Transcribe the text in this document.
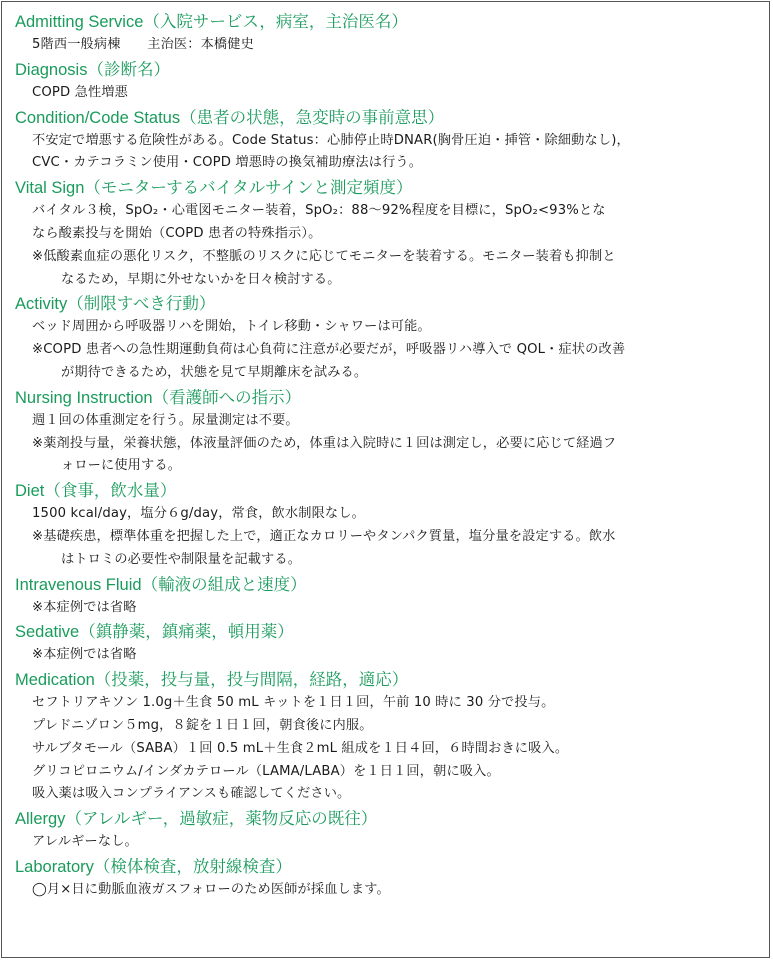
Admitting Service（入院サービス，病室，主治医名）
5階西一般病棟　　主治医：本橋健史
Diagnosis（診断名）
COPD 急性増悪
Condition/Code Status（患者の状態，急変時の事前意思）
不安定で増悪する危険性がある。Code Status：心肺停止時DNAR(胸骨圧迫・挿管・除細動なし)，
CVC・カテコラミン使用・COPD 増悪時の換気補助療法は行う。
Vital Sign（モニターするバイタルサインと測定頻度）
バイタル３検，SpO₂・心電図モニター装着，SpO₂：88～92%程度を目標に，SpO₂<93%とな
なら酸素投与を開始（COPD 患者の特殊指示）。
※低酸素血症の悪化リスク，不整脈のリスクに応じてモニターを装着する。モニター装着も抑制と
なるため，早期に外せないかを日々検討する。
Activity（制限すべき行動）
ベッド周囲から呼吸器リハを開始，トイレ移動・シャワーは可能。
※COPD 患者への急性期運動負荷は心負荷に注意が必要だが，呼吸器リハ導入で QOL・症状の改善
が期待できるため，状態を見て早期離床を試みる。
Nursing Instruction（看護師への指示）
週１回の体重測定を行う。尿量測定は不要。
※薬剤投与量，栄養状態，体液量評価のため，体重は入院時に１回は測定し，必要に応じて経過フ
ォローに使用する。
Diet（食事，飲水量）
1500 kcal/day，塩分６g/day，常食，飲水制限なし。
※基礎疾患，標準体重を把握した上で，適正なカロリーやタンパク質量，塩分量を設定する。飲水
はトロミの必要性や制限量を記載する。
Intravenous Fluid（輸液の組成と速度）
※本症例では省略
Sedative（鎮静薬，鎮痛薬，頓用薬）
※本症例では省略
Medication（投薬，投与量，投与間隔，経路，適応）
セフトリアキソン 1.0g＋生食 50 mL キットを１日１回，午前 10 時に 30 分で投与。
プレドニゾロン５mg，８錠を１日１回，朝食後に内服。
サルブタモール（SABA）１回 0.5 mL＋生食２mL 組成を１日４回，６時間おきに吸入。
グリコピロニウム/インダカテロール（LAMA/LABA）を１日１回，朝に吸入。
吸入薬は吸入コンプライアンスも確認してください。
Allergy（アレルギー，過敏症，薬物反応の既往）
アレルギーなし。
Laboratory（検体検査，放射線検査）
◯月×日に動脈血液ガスフォローのため医師が採血します。
